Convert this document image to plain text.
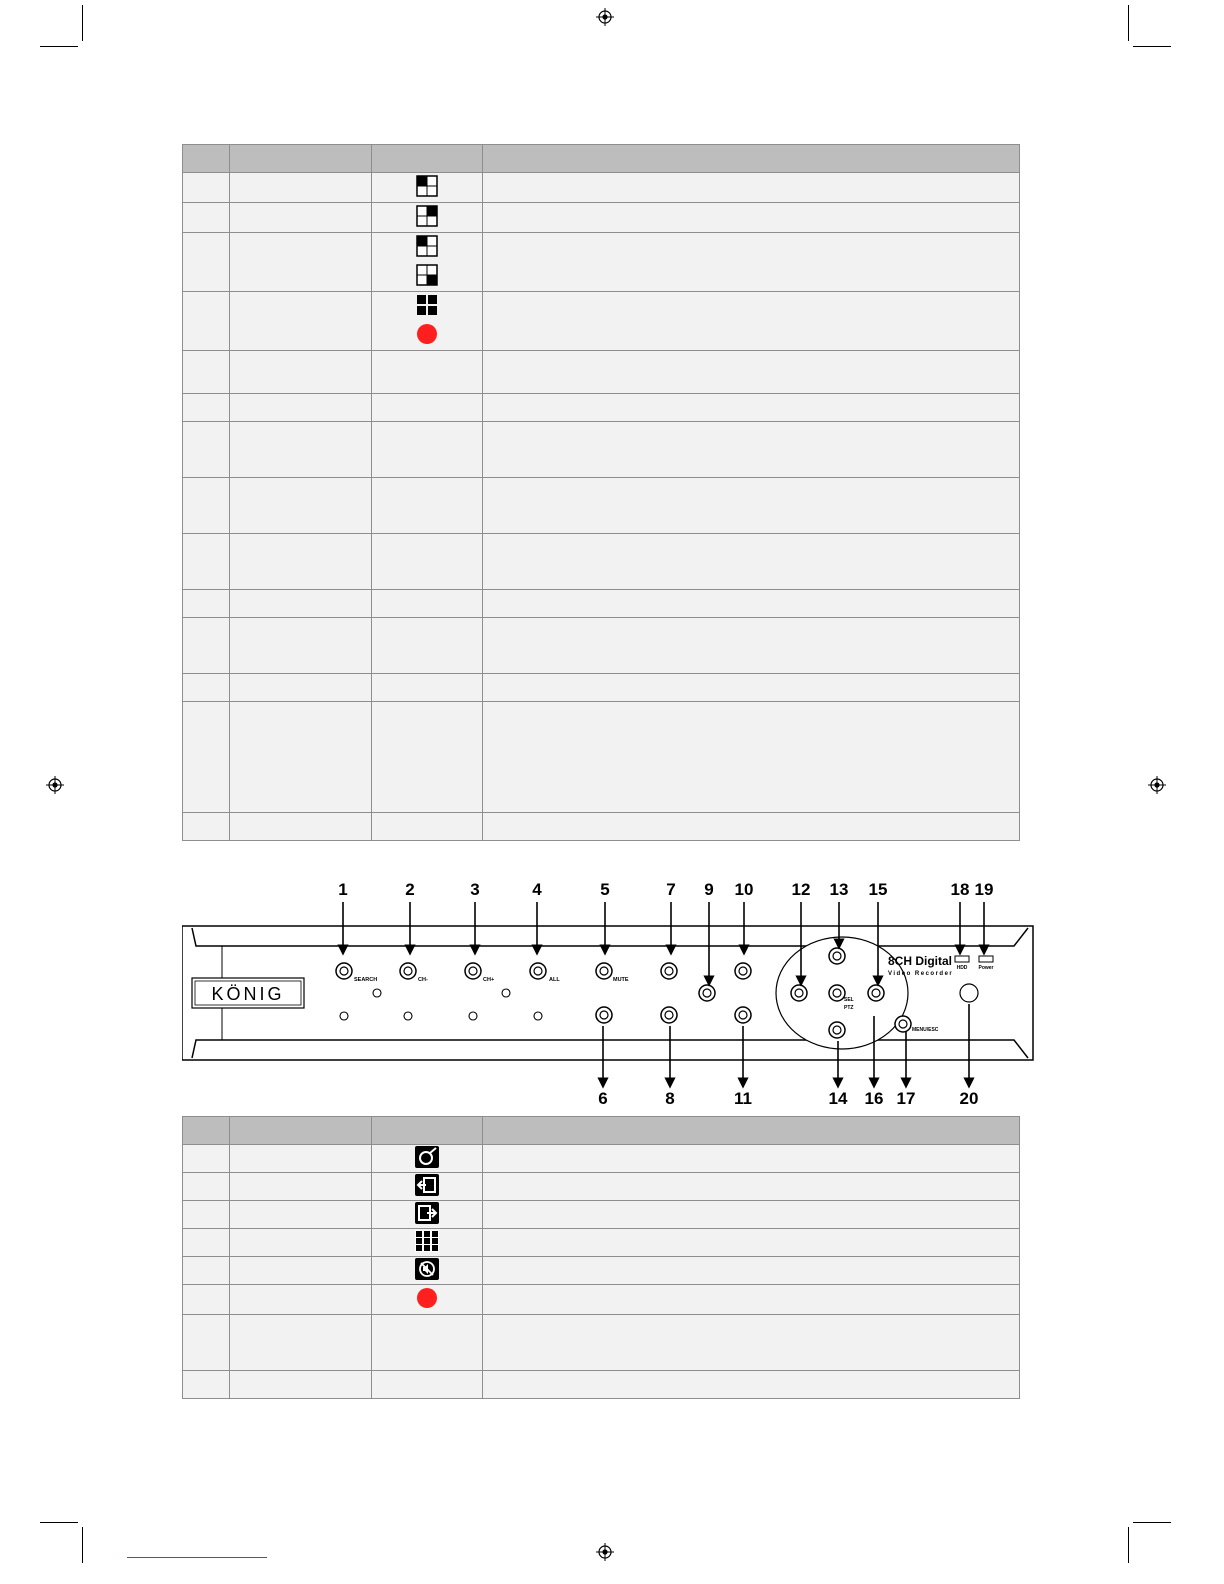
KÖNIG
8CH Digital
Video Recorder
HDD Power
SEARCH	CH-	CH+	ALL	MUTE
SEL
PTZ
MENU/ESC
1	2	3	4	5	7 9 10 12 13 15	18 19
6	8	11	14 16 17	20
